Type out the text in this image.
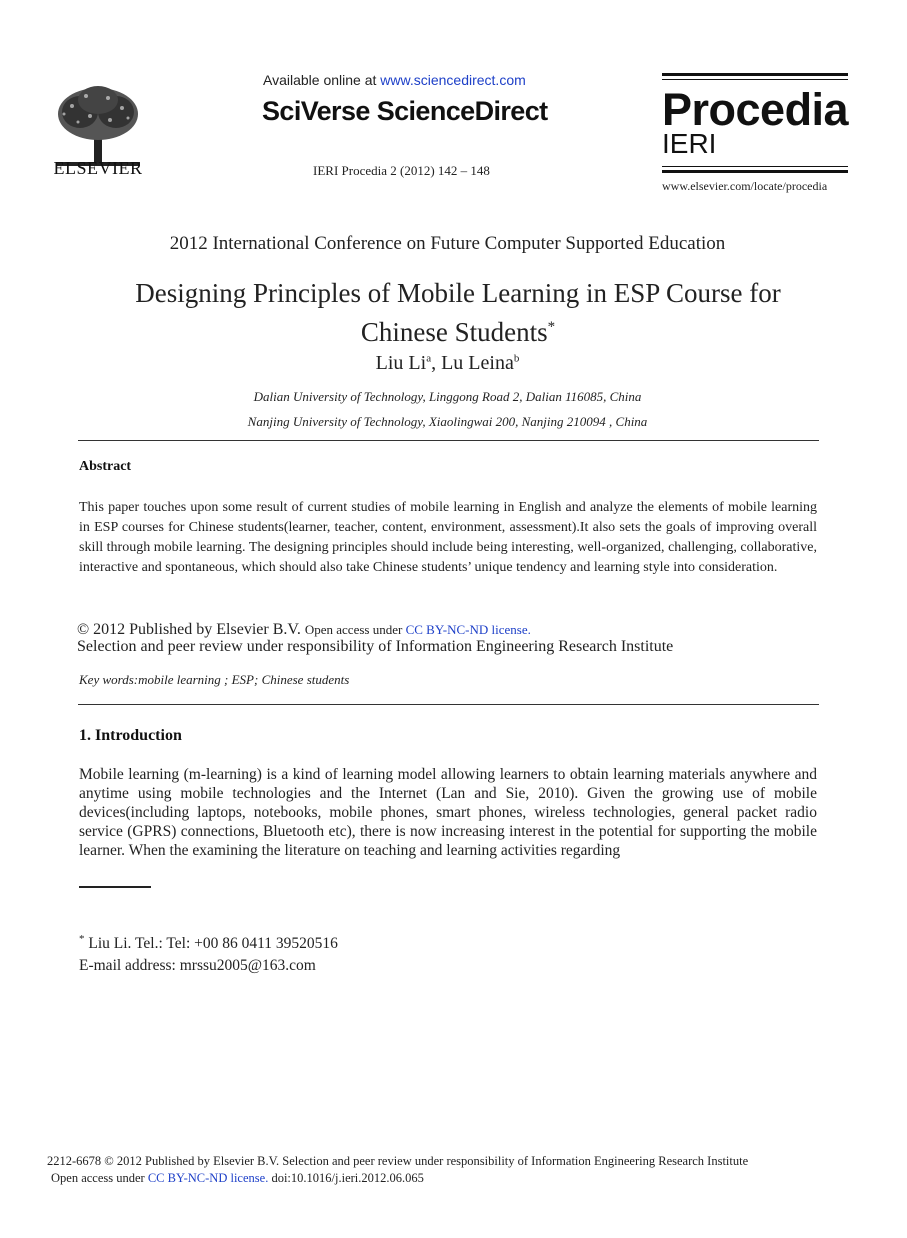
ELSEVIER
Available online at www.sciencedirect.com
SciVerse ScienceDirect
IERI Procedia 2 (2012) 142 – 148
Procedia
IERI
www.elsevier.com/locate/procedia
2012 International Conference on Future Computer Supported Education
Designing Principles of Mobile Learning in ESP Course for
Chinese Students*
Liu Li$^a$, Lu Leina$^b$
Dalian University of Technology, Linggong Road 2, Dalian 116085, China
Nanjing University of Technology, Xiaolingwai 200, Nanjing 210094 , China
Abstract
This paper touches upon some result of current studies of mobile learning in English and analyze the elements of mobile learning in ESP courses for Chinese students(learner, teacher, content, environment, assessment).It also sets the goals of improving overall skill through mobile learning. The designing principles should include being interesting, well-organized, challenging, collaborative, interactive and spontaneous, which should also take Chinese students’ unique tendency and learning style into consideration.
© 2012 Published by Elsevier B.V. Open access under CC BY-NC-ND license.
Selection and peer review under responsibility of Information Engineering Research Institute
Key words:mobile learning ; ESP; Chinese students
1. Introduction
Mobile learning (m-learning) is a kind of learning model allowing learners to obtain learning materials anywhere and anytime using mobile technologies and the Internet (Lan and Sie, 2010). Given the growing use of mobile devices(including laptops, notebooks, mobile phones, smart phones, wireless technologies, general packet radio service (GPRS) connections, Bluetooth etc), there is now increasing interest in the potential for supporting the mobile learner. When the examining the literature on teaching and learning activities regarding
* Liu Li. Tel.: Tel: +00 86 0411 39520516
E-mail address: mrssu2005@163.com
2212-6678 © 2012 Published by Elsevier B.V. Selection and peer review under responsibility of Information Engineering Research Institute
Open access under CC BY-NC-ND license. doi:10.1016/j.ieri.2012.06.065
